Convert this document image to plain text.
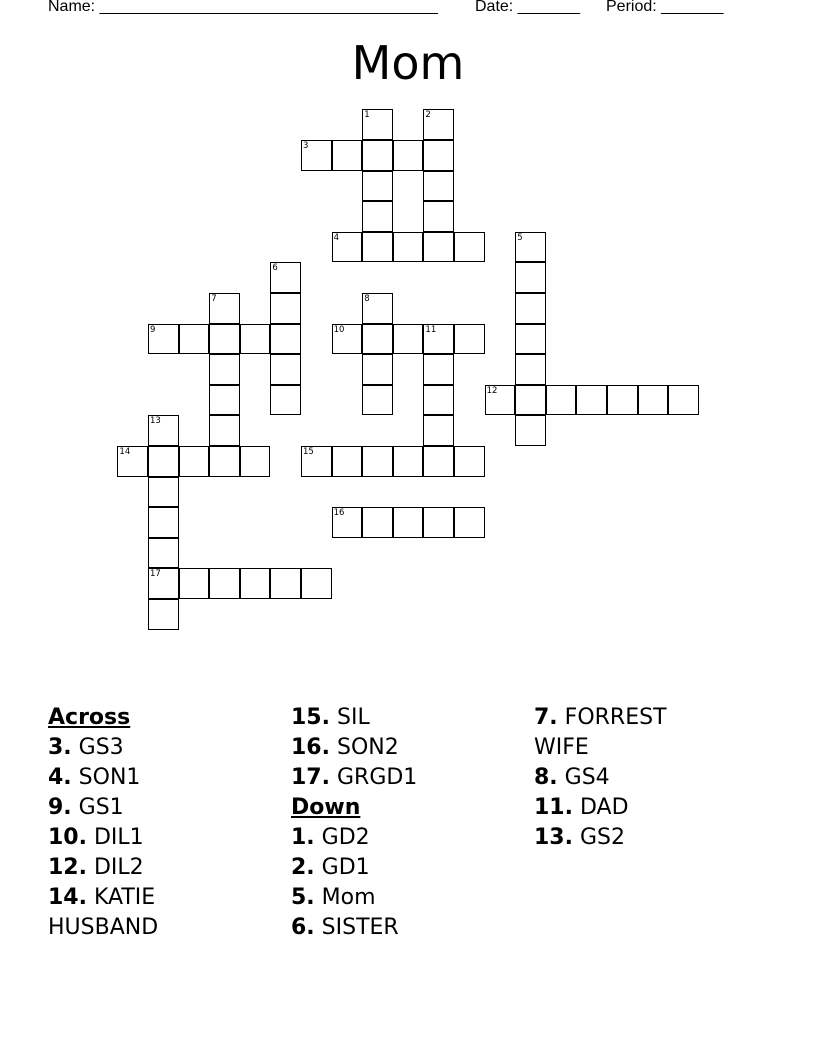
Name: ______________________________________

Date: _______

Period: _______

Mom
3
4
9	10	11
12
14	15
16
17
1	2
5
6
7	8
13
Across
3. GS3
4. SON1
9. GS1
10. DIL1
12. DIL2
14. KATIE HUSBAND
15. SIL
16. SON2
17. GRGD1
Down
1. GD2
2. GD1
5. Mom
6. SISTER
7. FORREST WIFE
8. GS4
11. DAD
13. GS2
